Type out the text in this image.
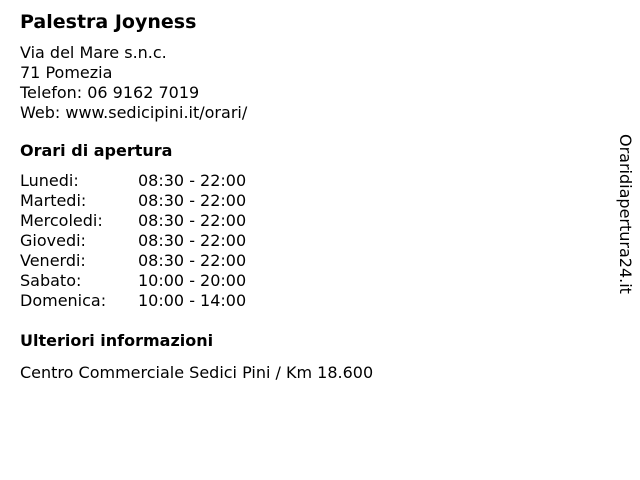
Palestra Joyness
Via del Mare s.n.c.
71 Pomezia
Telefon: 06 9162 7019
Web: www.sedicipini.it/orari/
Orari di apertura
Lunedi:	08:30 - 22:00
Martedi:	08:30 - 22:00
Mercoledi:	08:30 - 22:00
Giovedi:	08:30 - 22:00
Venerdi:	08:30 - 22:00
Sabato:	10:00 - 20:00
Domenica:	10:00 - 14:00
Ulteriori informazioni
Centro Commerciale Sedici Pini / Km 18.600
Oraridiapertura24.it
